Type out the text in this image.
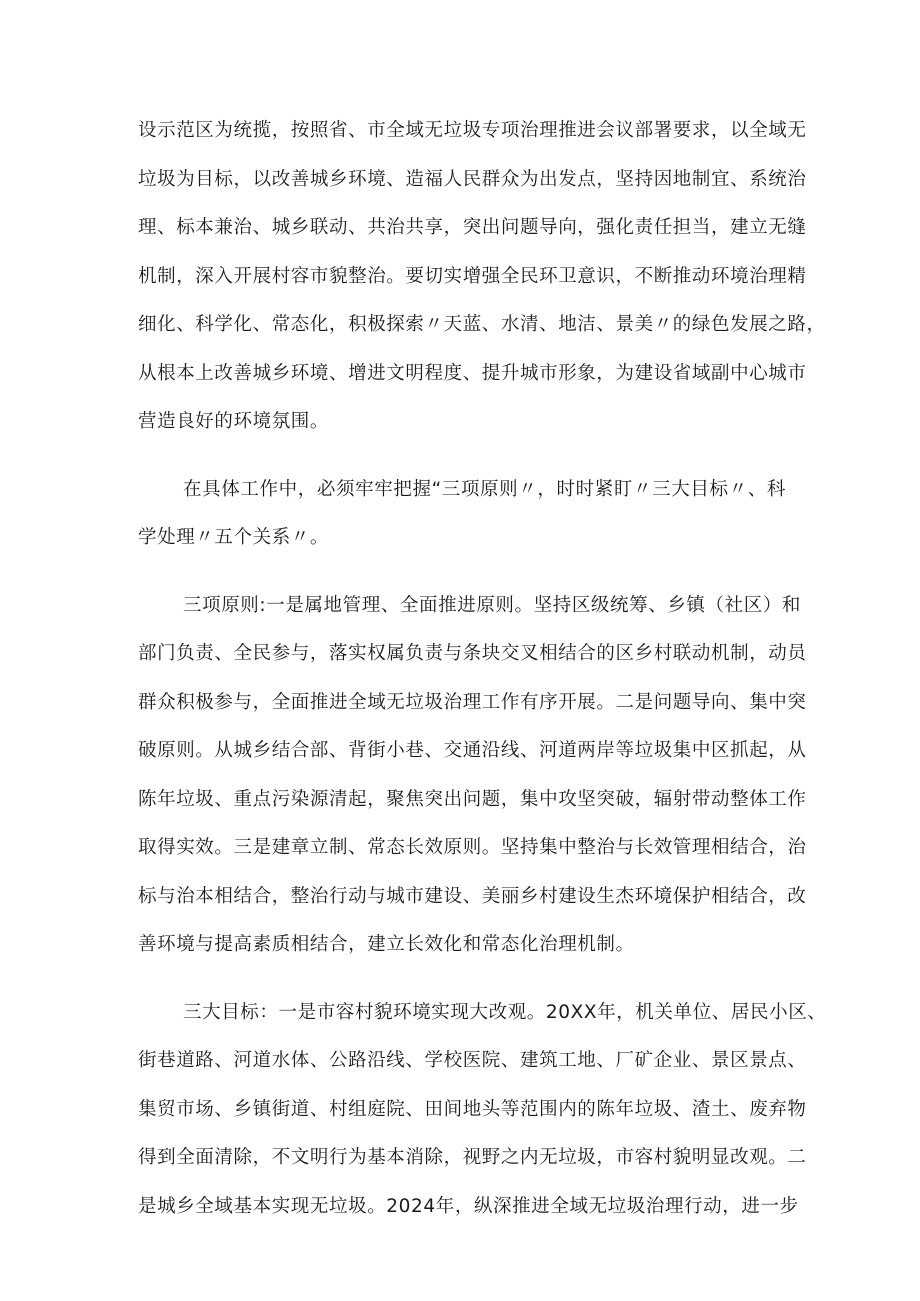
设示范区为统揽，按照省、市全域无垃圾专项治理推进会议部署要求，以全域无
垃圾为目标，以改善城乡环境、造福人民群众为出发点，坚持因地制宜、系统治
理、标本兼治、城乡联动、共治共享，突出问题导向，强化责任担当，建立无缝
机制，深入开展村容市貌整治。要切实增强全民环卫意识，不断推动环境治理精
细化、科学化、常态化，积极探索〃天蓝、水清、地洁、景美〃的绿色发展之路，
从根本上改善城乡环境、增进文明程度、提升城市形象，为建设省域副中心城市
营造良好的环境氛围。

在具体工作中，必须牢牢把握“三项原则〃，时时紧盯〃三大目标〃、科
学处理〃五个关系〃。

三项原则:一是属地管理、全面推进原则。坚持区级统筹、乡镇（社区）和
部门负责、全民参与，落实权属负责与条块交叉相结合的区乡村联动机制，动员
群众积极参与，全面推进全域无垃圾治理工作有序开展。二是问题导向、集中突
破原则。从城乡结合部、背街小巷、交通沿线、河道两岸等垃圾集中区抓起，从
陈年垃圾、重点污染源清起，聚焦突出问题，集中攻坚突破，辐射带动整体工作
取得实效。三是建章立制、常态长效原则。坚持集中整治与长效管理相结合，治
标与治本相结合，整治行动与城市建设、美丽乡村建设生杰环境保护相结合，改
善环境与提高素质相结合，建立长效化和常态化治理机制。

三大目标：一是市容村貌环境实现大改观。20XX年，机关单位、居民小区、
街巷道路、河道水体、公路沿线、学校医院、建筑工地、厂矿企业、景区景点、
集贸市场、乡镇街道、村组庭院、田间地头等范围内的陈年垃圾、渣土、废弃物
得到全面清除，不文明行为基本消除，视野之内无垃圾，市容村貌明显改观。二
是城乡全域基本实现无垃圾。2024年，纵深推进全域无垃圾治理行动，进一步
